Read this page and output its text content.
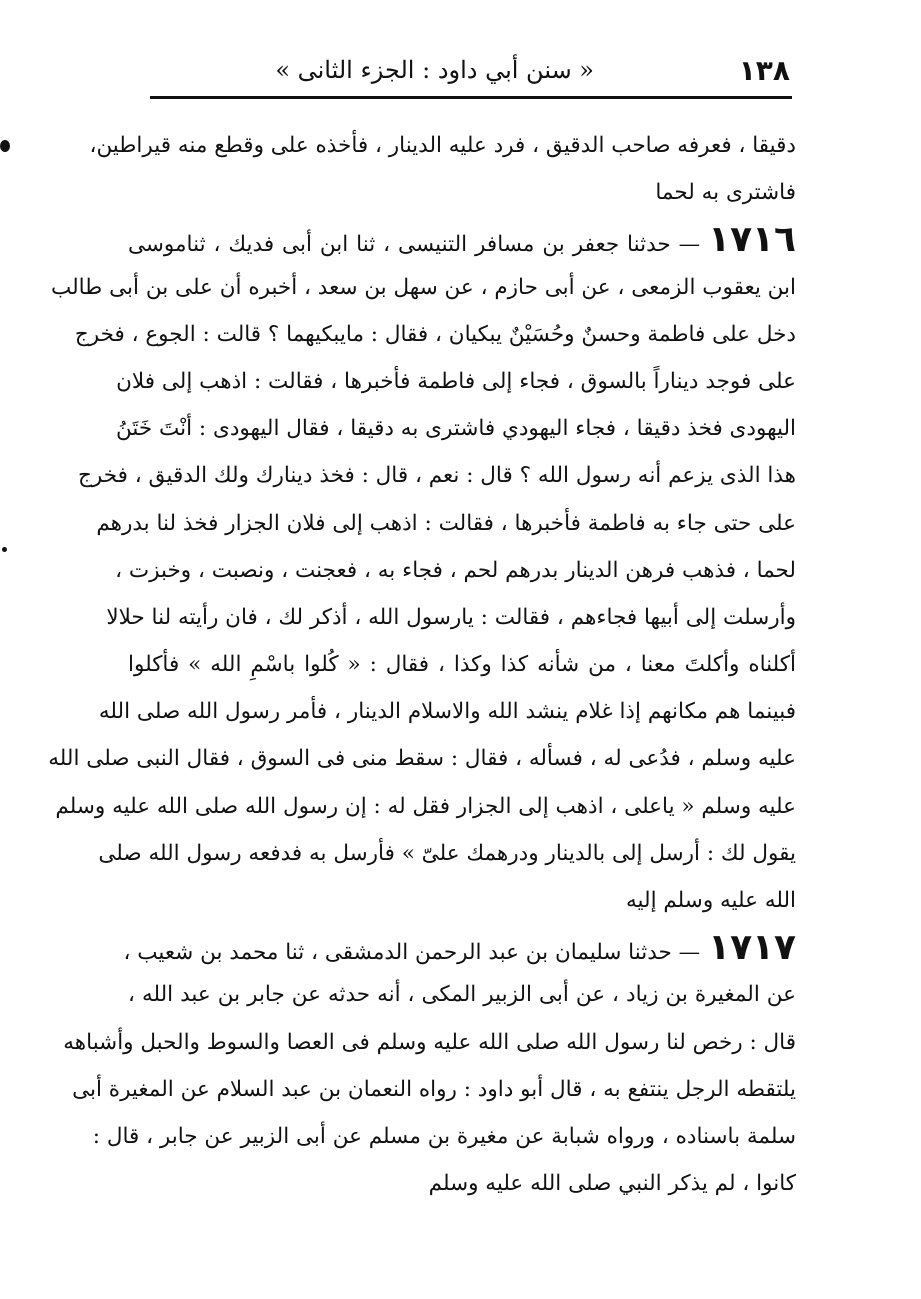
١٣٨
« سنن أبي داود : الجزء الثانى »
دقيقا ، فعرفه صاحب الدقيق ، فرد عليه الدينار ، فأخذه على وقطع منه قيراطين،
فاشترى به لحما
١٧١٦— حدثنا جعفر بن مسافر التنيسى ، ثنا ابن أبى فديك ، ثناموسى
ابن يعقوب الزمعى ، عن أبى حازم ، عن سهل بن سعد ، أخبره أن على بن أبى طالب
دخل على فاطمة وحسنٌ وحُسَيْنٌ يبكيان ، فقال : مايبكيهما ؟ قالت : الجوع ، فخرج
على فوجد ديناراً بالسوق ، فجاء إلى فاطمة فأخبرها ، فقالت : اذهب إلى فلان
اليهودى فخذ دقيقا ، فجاء اليهودي فاشترى به دقيقا ، فقال اليهودى : أنْتَ خَتَنُ
هذا الذى يزعم أنه رسول الله ؟ قال : نعم ، قال : فخذ دينارك ولك الدقيق ، فخرج
على حتى جاء به فاطمة فأخبرها ، فقالت : اذهب إلى فلان الجزار فخذ لنا بدرهم
لحما ، فذهب فرهن الدينار بدرهم لحم ، فجاء به ، فعجنت ، ونصبت ، وخبزت ،
وأرسلت إلى أبيها فجاءهم ، فقالت : يارسول الله ، أذكر لك ، فان رأيته لنا حلالا
أكلناه وأكلتَ معنا ، من شأنه كذا وكذا ، فقال : « كُلوا باسْمِ الله » فأكلوا
فبينما هم مكانهم إذا غلام ينشد الله والاسلام الدينار ، فأمر رسول الله صلى الله
عليه وسلم ، فدُعى له ، فسأله ، فقال : سقط منى فى السوق ، فقال النبى صلى الله
عليه وسلم « ياعلى ، اذهب إلى الجزار فقل له : إن رسول الله صلى الله عليه وسلم
يقول لك : أرسل إلى بالدينار ودرهمك علىّ » فأرسل به فدفعه رسول الله صلى
الله عليه وسلم إليه
١٧١٧— حدثنا سليمان بن عبد الرحمن الدمشقى ، ثنا محمد بن شعيب ،
عن المغيرة بن زياد ، عن أبى الزبير المكى ، أنه حدثه عن جابر بن عبد الله ،
قال : رخص لنا رسول الله صلى الله عليه وسلم فى العصا والسوط والحبل وأشباهه
يلتقطه الرجل ينتفع به ، قال أبو داود : رواه النعمان بن عبد السلام عن المغيرة أبى
سلمة باسناده ، ورواه شبابة عن مغيرة بن مسلم عن أبى الزبير عن جابر ، قال :
كانوا ، لم يذكر النبي صلى الله عليه وسلم
